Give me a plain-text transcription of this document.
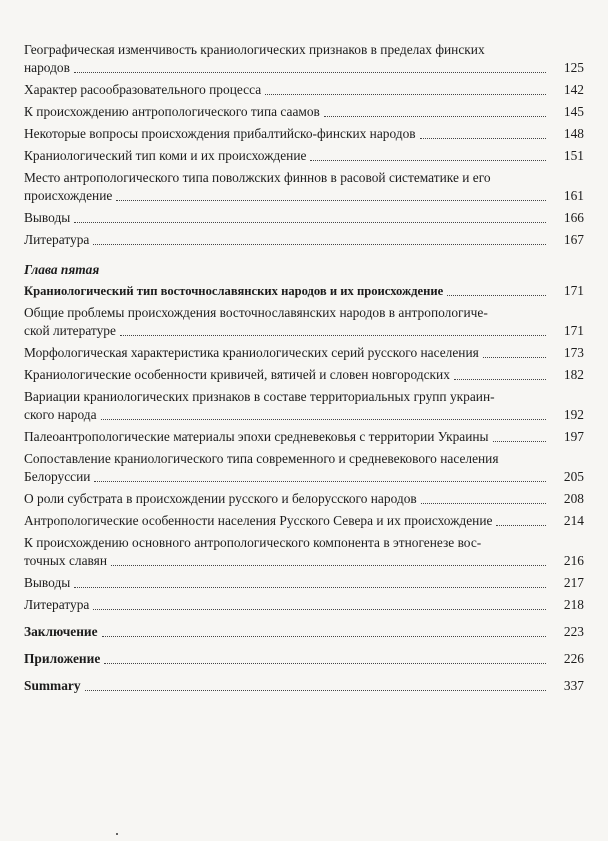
Географическая изменчивость краниологических признаков в пределах финских
народов	125
Характер расообразовательного процесса	142
К происхождению антропологического типа саамов	145
Некоторые вопросы происхождения прибалтийско-финских народов	148
Краниологический тип коми и их происхождение	151
Место антропологического типа поволжских финнов в расовой систематике и его
происхождение	161
Выводы	166
Литература	167
Глава пятая
Краниологический тип восточнославянских народов и их происхождение	171
Общие проблемы происхождения восточнославянских народов в антропологиче-
ской литературе	171
Морфологическая характеристика краниологических серий русского населения	173
Краниологические особенности кривичей, вятичей и словен новгородских	182
Вариации краниологических признаков в составе территориальных групп украин-
ского народа	192
Палеоантропологические материалы эпохи средневековья с территории Украины	197
Сопоставление краниологического типа современного и средневекового населения
Белоруссии	205
О роли субстрата в происхождении русского и белорусского народов	208
Антропологические особенности населения Русского Севера и их происхождение	214
К происхождению основного антропологического компонента в этногенезе вос-
точных славян	216
Выводы	217
Литература	218
Заключение	223
Приложение	226
Summary	337
